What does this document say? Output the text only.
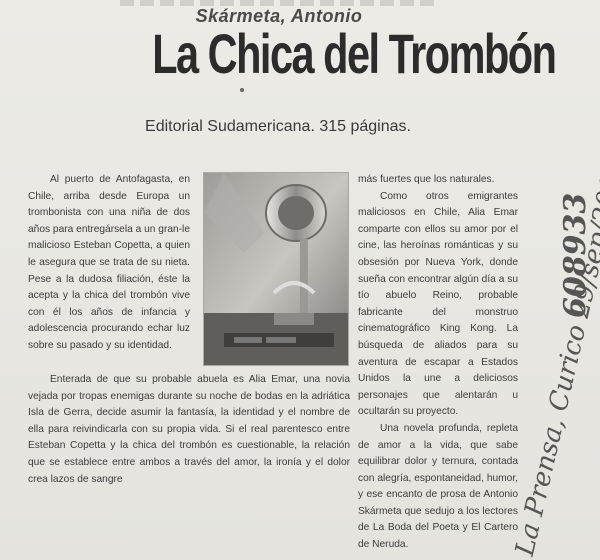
Skármeta, Antonio
La Chica del Trombón
Editorial Sudamericana. 315 páginas.

Al puerto de Antofagasta, en Chile, arriba desde Europa un trombonista con una niña de dos años para entregársela a un gran-le malicioso Esteban Copetta, a quien le asegura que se trata de su nieta. Pese a la dudosa filiación, éste la acepta y la chica del trombón vive con él los años de infancia y adolescencia procurando echar luz sobre su pasado y su identidad.

más fuertes que los naturales.

Como otros emigrantes maliciosos en Chile, Alia Emar comparte con ellos su amor por el cine, las heroínas románticas y su obsesión por Nueva York, donde sueña con encontrar algún día a su tío abuelo Reino, probable fabricante del monstruo cinematográfico King Kong. La búsqueda de aliados para su aventura de escapar a Estados Unidos la une a deliciosos personajes que alentarán u ocultarán su proyecto.

Una novela profunda, repleta de amor a la vida, que sabe equilibrar dolor y ternura, contada con alegría, espontaneidad, humor, y ese encanto de prosa de Antonio Skármeta que sedujo a los lectores de La Boda del Poeta y El Cartero de Neruda.

Enterada de que su probable abuela es Alia Emar, una novia vejada por tropas enemigas durante su noche de bodas en la adriática Isla de Gerra, decide asumir la fantasía, la identidad y el nombre de ella para reivindicarla con su propia vida. Si el real parentesco entre Esteban Copetta y la chica del trombón es cuestionable, la relación que se establece entre ambos a través del amor, la ironía y el dolor crea lazos de sangre

608933
